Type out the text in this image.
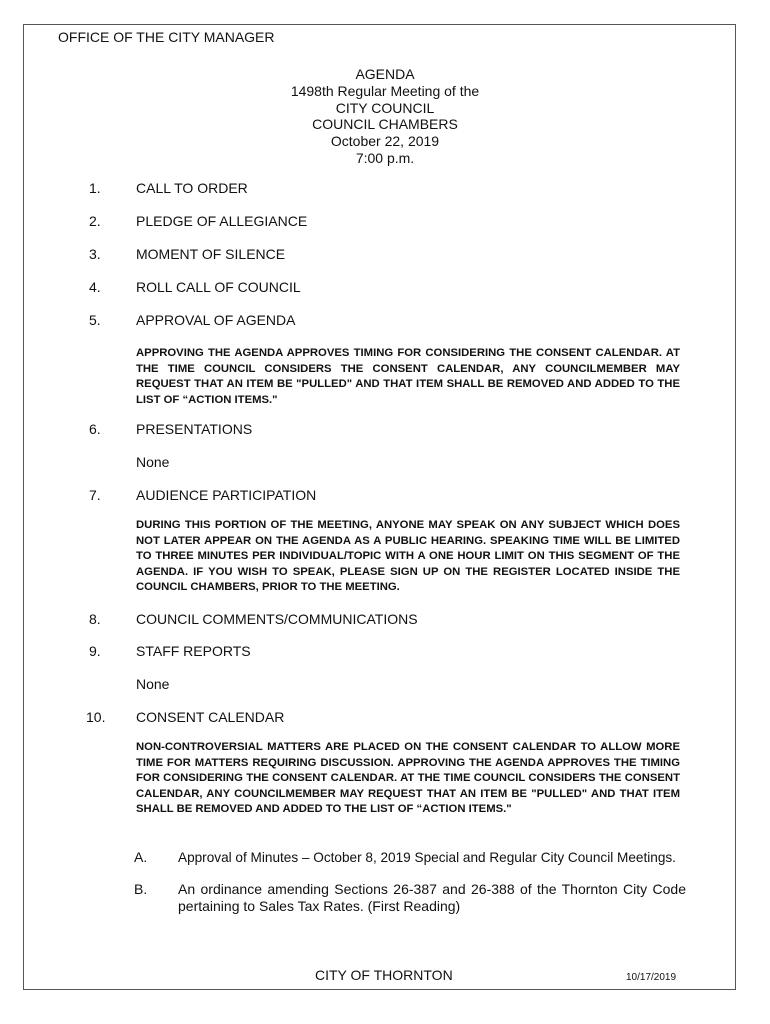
OFFICE OF THE CITY MANAGER
AGENDA
1498th Regular Meeting of the
CITY COUNCIL
COUNCIL CHAMBERS
October 22, 2019
7:00 p.m.
1.	CALL TO ORDER
2.	PLEDGE OF ALLEGIANCE
3.	MOMENT OF SILENCE
4.	ROLL CALL OF COUNCIL
5.	APPROVAL OF AGENDA
APPROVING THE AGENDA APPROVES TIMING FOR CONSIDERING THE CONSENT CALENDAR. AT THE TIME COUNCIL CONSIDERS THE CONSENT CALENDAR, ANY COUNCILMEMBER MAY REQUEST THAT AN ITEM BE "PULLED" AND THAT ITEM SHALL BE REMOVED AND ADDED TO THE LIST OF “ACTION ITEMS."
6.	PRESENTATIONS
None
7.	AUDIENCE PARTICIPATION
DURING THIS PORTION OF THE MEETING, ANYONE MAY SPEAK ON ANY SUBJECT WHICH DOES NOT LATER APPEAR ON THE AGENDA AS A PUBLIC HEARING. SPEAKING TIME WILL BE LIMITED TO THREE MINUTES PER INDIVIDUAL/TOPIC WITH A ONE HOUR LIMIT ON THIS SEGMENT OF THE AGENDA. IF YOU WISH TO SPEAK, PLEASE SIGN UP ON THE REGISTER LOCATED INSIDE THE COUNCIL CHAMBERS, PRIOR TO THE MEETING.
8.	COUNCIL COMMENTS/COMMUNICATIONS
9.	STAFF REPORTS
None
10. CONSENT CALENDAR
NON-CONTROVERSIAL MATTERS ARE PLACED ON THE CONSENT CALENDAR TO ALLOW MORE TIME FOR MATTERS REQUIRING DISCUSSION. APPROVING THE AGENDA APPROVES THE TIMING FOR CONSIDERING THE CONSENT CALENDAR. AT THE TIME COUNCIL CONSIDERS THE CONSENT CALENDAR, ANY COUNCILMEMBER MAY REQUEST THAT AN ITEM BE "PULLED" AND THAT ITEM SHALL BE REMOVED AND ADDED TO THE LIST OF “ACTION ITEMS."
A. Approval of Minutes – October 8, 2019 Special and Regular City Council Meetings.
B. An ordinance amending Sections 26-387 and 26-388 of the Thornton City Code pertaining to Sales Tax Rates. (First Reading)
CITY OF THORNTON	10/17/2019
